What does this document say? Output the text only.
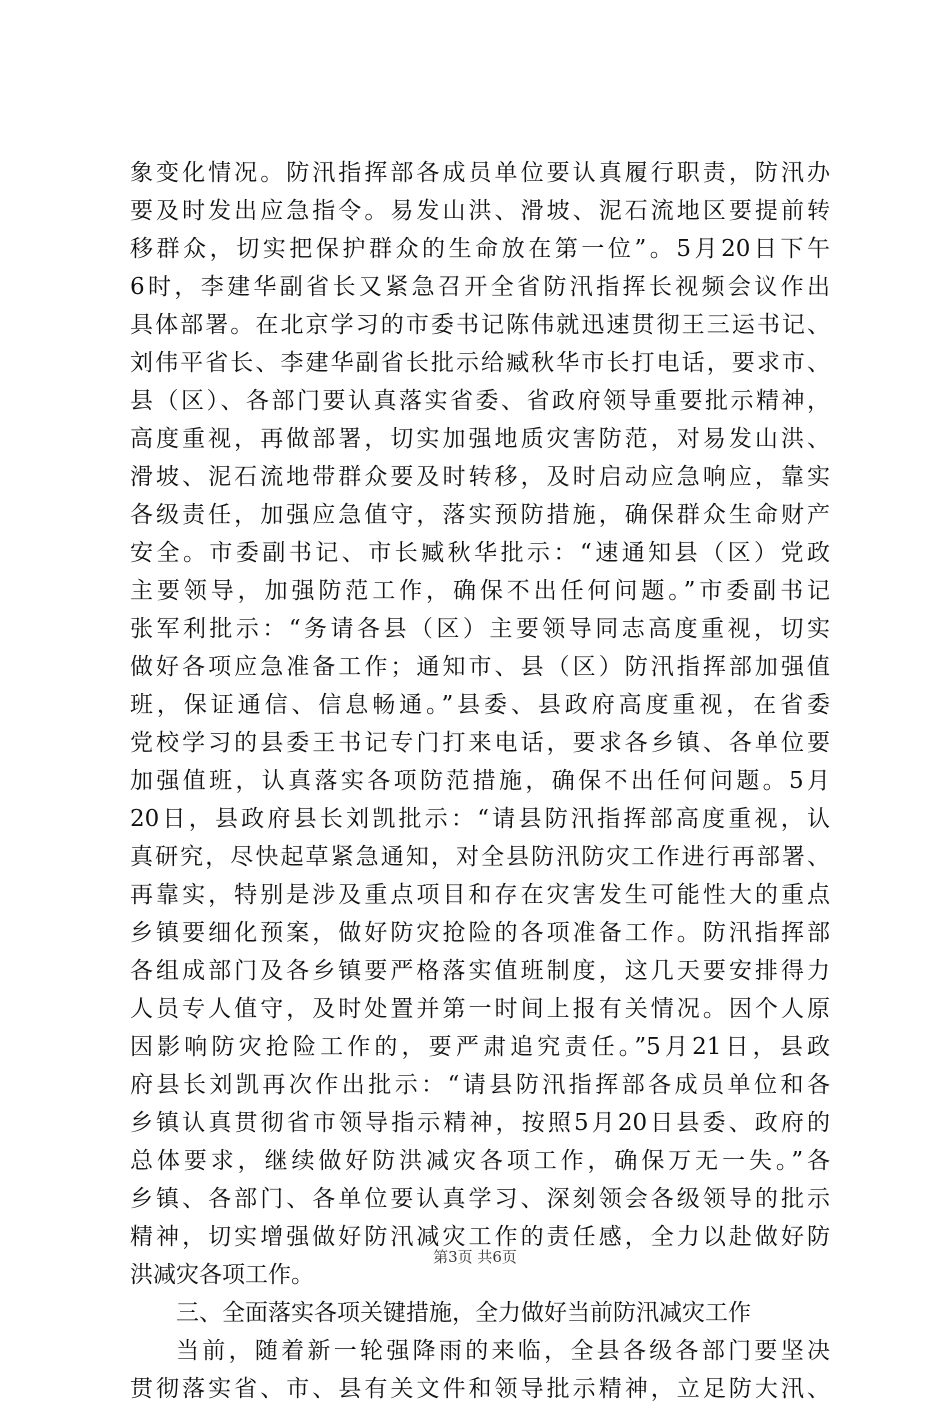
象变化情况。防汛指挥部各成员单位要认真履行职责，防汛办
要及时发出应急指令。易发山洪、滑坡、泥石流地区要提前转
移群众，切实把保护群众的生命放在第一位”。5月20日下午
6时，李建华副省长又紧急召开全省防汛指挥长视频会议作出
具体部署。在北京学习的市委书记陈伟就迅速贯彻王三运书记、
刘伟平省长、李建华副省长批示给臧秋华市长打电话，要求市、
县（区）、各部门要认真落实省委、省政府领导重要批示精神，
高度重视，再做部署，切实加强地质灾害防范，对易发山洪、
滑坡、泥石流地带群众要及时转移，及时启动应急响应，靠实
各级责任，加强应急值守，落实预防措施，确保群众生命财产
安全。市委副书记、市长臧秋华批示：“速通知县（区）党政
主要领导，加强防范工作，确保不出任何问题。”市委副书记
张军利批示：“务请各县（区）主要领导同志高度重视，切实
做好各项应急准备工作；通知市、县（区）防汛指挥部加强值
班，保证通信、信息畅通。”县委、县政府高度重视，在省委
党校学习的县委王书记专门打来电话，要求各乡镇、各单位要
加强值班，认真落实各项防范措施，确保不出任何问题。5月
20日，县政府县长刘凯批示：“请县防汛指挥部高度重视，认
真研究，尽快起草紧急通知，对全县防汛防灾工作进行再部署、
再靠实，特别是涉及重点项目和存在灾害发生可能性大的重点
乡镇要细化预案，做好防灾抢险的各项准备工作。防汛指挥部
各组成部门及各乡镇要严格落实值班制度，这几天要安排得力
人员专人值守，及时处置并第一时间上报有关情况。因个人原
因影响防灾抢险工作的，要严肃追究责任。”5月21日，县政
府县长刘凯再次作出批示：“请县防汛指挥部各成员单位和各
乡镇认真贯彻省市领导指示精神，按照5月20日县委、政府的
总体要求，继续做好防洪减灾各项工作，确保万无一失。”各
乡镇、各部门、各单位要认真学习、深刻领会各级领导的批示
精神，切实增强做好防汛减灾工作的责任感，全力以赴做好防
洪减灾各项工作。
三、全面落实各项关键措施，全力做好当前防汛减灾工作
当前，随着新一轮强降雨的来临，全县各级各部门要坚决
贯彻落实省、市、县有关文件和领导批示精神，立足防大汛、
第3页 共6页
